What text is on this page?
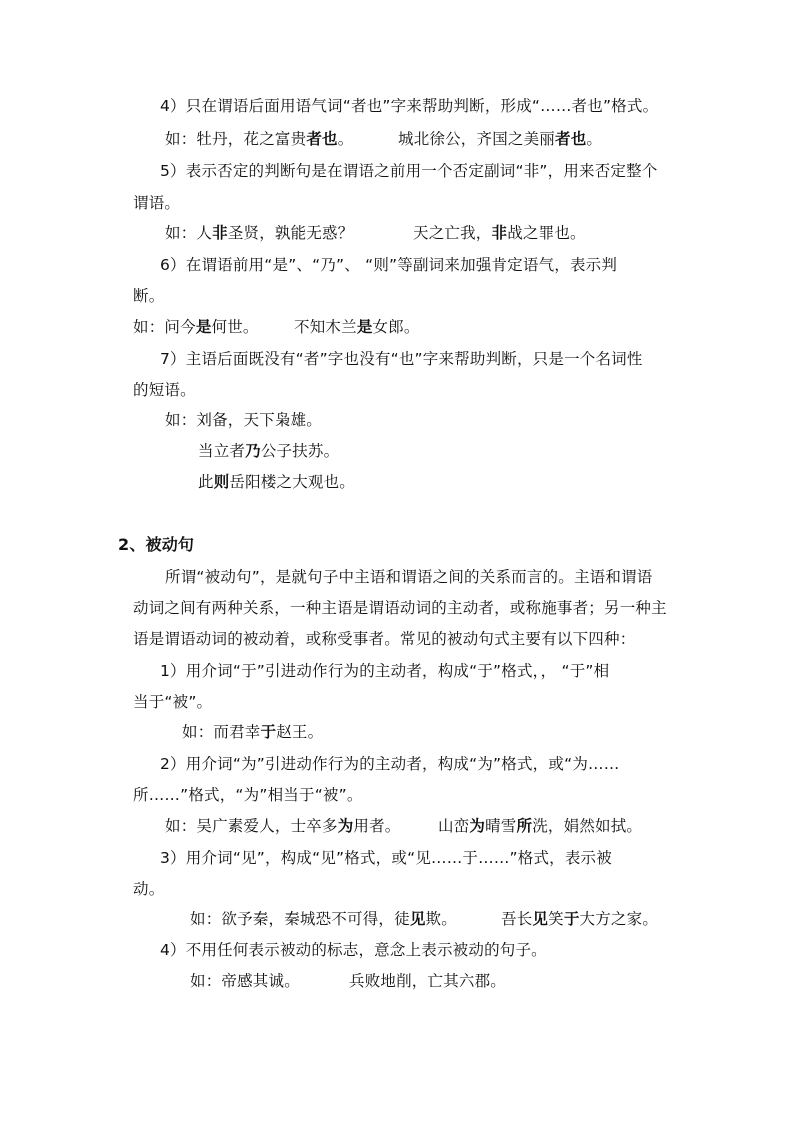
4）只在谓语后面用语气词“者也”字来帮助判断，形成“……者也”格式。
如：牡丹，花之富贵者也。	城北徐公，齐国之美丽者也。
5）表示否定的判断句是在谓语之前用一个否定副词“非”，用来否定整个
谓语。
如：人非圣贤，孰能无惑？	天之亡我，非战之罪也。
6）在谓语前用“是”、“乃”、 “则”等副词来加强肯定语气，表示判
断。
如：问今是何世。 不知木兰是女郎。
7）主语后面既没有“者”字也没有“也”字来帮助判断，只是一个名词性
的短语。
如：刘备，天下枭雄。
当立者乃公子扶苏。
此则岳阳楼之大观也。
2、被动句
所谓“被动句”，是就句子中主语和谓语之间的关系而言的。主语和谓语
动词之间有两种关系，一种主语是谓语动词的主动者，或称施事者；另一种主
语是谓语动词的被动着，或称受事者。常见的被动句式主要有以下四种：
1）用介词“于”引进动作行为的主动者，构成“于”格式，， “于”相
当于“被”。
如：而君幸于赵王。
2）用介词“为”引进动作行为的主动者，构成“为”格式，或“为……
所……”格式，“为”相当于“被”。
如：吴广素爱人，士卒多为用者。 山峦为晴雪所洗，娟然如拭。
3）用介词“见”，构成“见”格式，或“见……于……”格式，表示被
动。
如：欲予秦，秦城恐不可得，徒见欺。	吾长见笑于大方之家。
4）不用任何表示被动的标志，意念上表示被动的句子。
如：帝感其诚。	兵败地削，亡其六郡。
